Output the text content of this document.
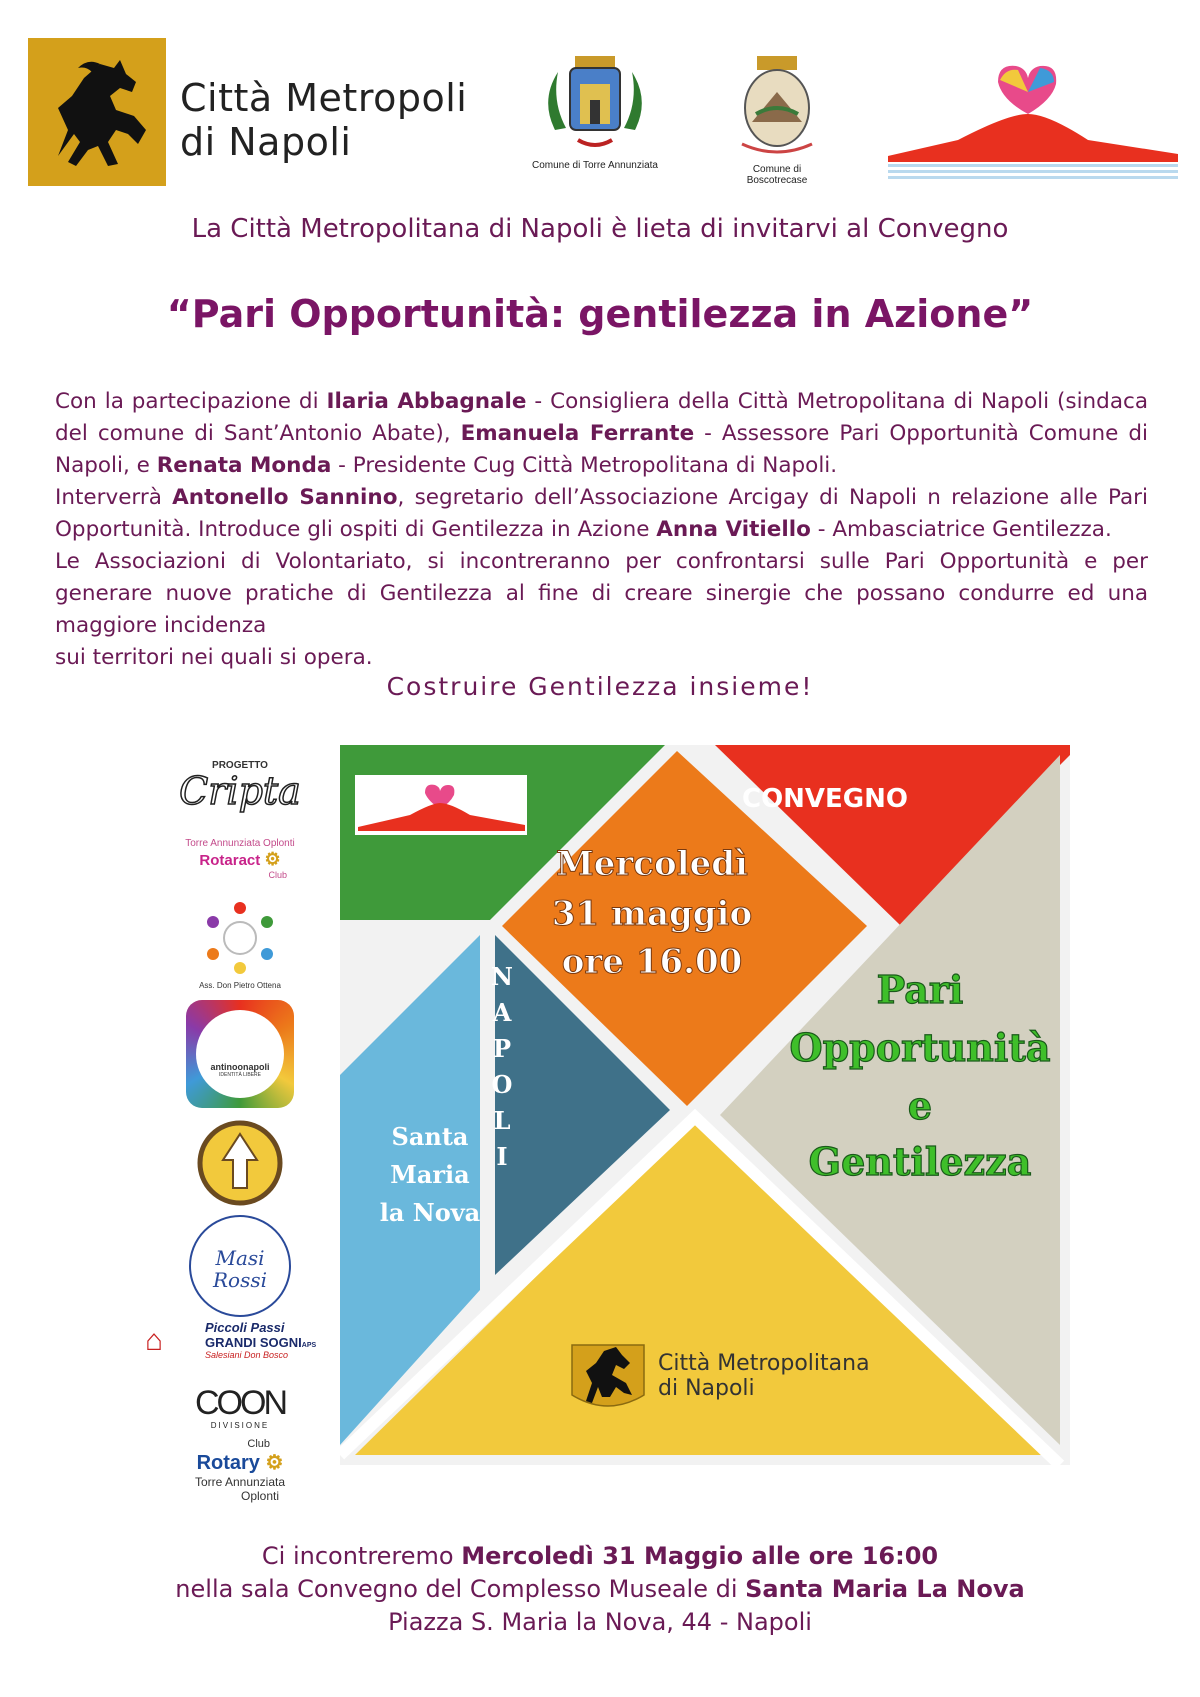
Città Metropoli
di Napoli
Comune di Torre Annunziata	Comune di Boscotrecase
La Città Metropolitana di Napoli è lieta di invitarvi al Convegno
“Pari Opportunità: gentilezza in Azione”

Con la partecipazione di Ilaria Abbagnale - Consigliera della Città Metropolitana di Napoli (sindaca del comune di Sant’Antonio Abate), Emanuela Ferrante - Assessore Pari Opportunità Comune di Napoli, e Renata Monda - Presidente Cug Città Metropolitana di Napoli.

Interverrà Antonello Sannino, segretario dell’Associazione Arcigay di Napoli n relazione alle Pari Opportunità. Introduce gli ospiti di Gentilezza in Azione Anna Vitiello - Ambasciatrice Gentilezza.

Le Associazioni di Volontariato, si incontreranno per confrontarsi sulle Pari Opportunità e per generare nuove pratiche di Gentilezza al fine di creare sinergie che possano condurre ed una maggiore incidenza

sui territori nei quali si opera.

Costruire Gentilezza insieme!
PROGETTO
Cripta
Torre Annunziata Oplonti
Rotaract ⚙
Club
Ass. Don Pietro Ottena
antinoonapoli
IDENTITÀ LIBERE
Masi Rossi
⌂	Piccoli Passi
GRANDI SOGNIAPS
Salesiani Don Bosco
COON
DIVISIONE
Club
Rotary ⚙
Torre Annunziata
Oplonti
CONVEGNO
Mercoledì
31 maggio
ore 16.00
N
A
P
O
L
I
Santa
Maria
la Nova
Pari
Opportunità
e
Gentilezza
Città Metropolitana
di Napoli
Ci incontreremo Mercoledì 31 Maggio alle ore 16:00
nella sala Convegno del Complesso Museale di Santa Maria La Nova
Piazza S. Maria la Nova, 44 - Napoli
